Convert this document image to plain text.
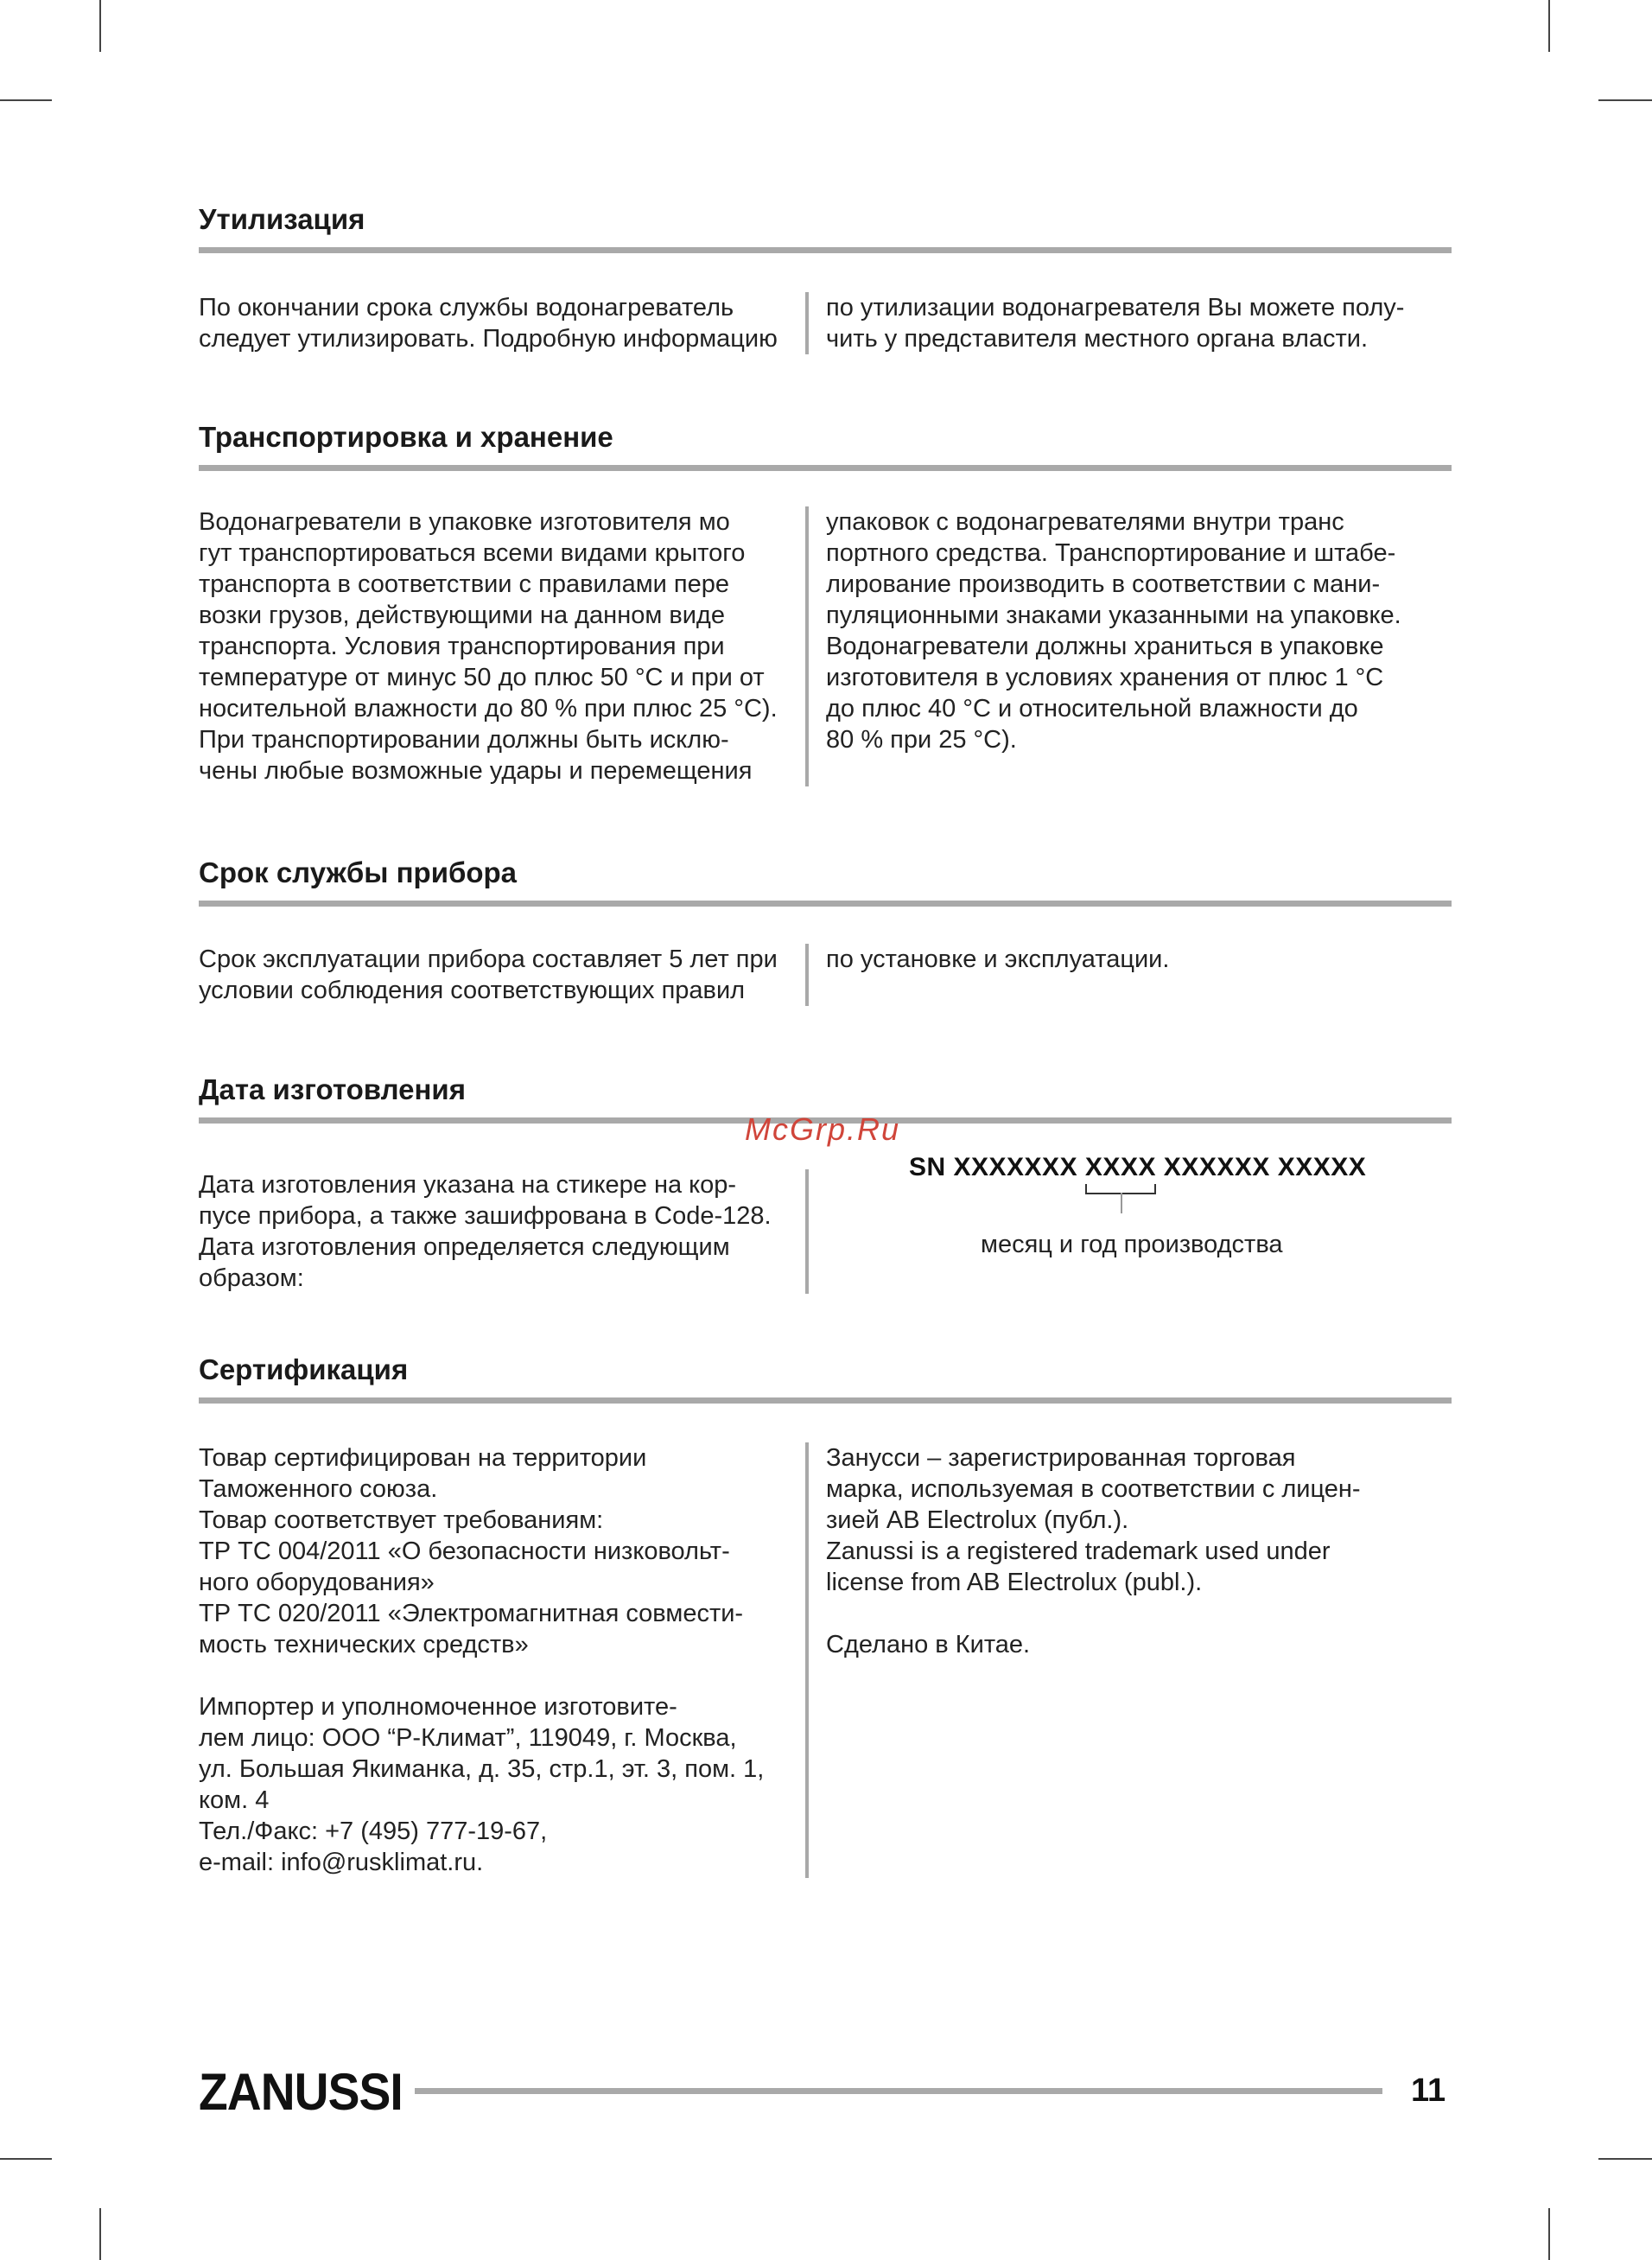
Утилизация
По окончании срока службы водонагреватель
следует утилизировать. Подробную информацию
по утилизации водонагревателя Вы можете полу-
чить у представителя местного органа власти.
Транспортировка и хранение
Водонагреватели в упаковке изготовителя мо
гут транспортироваться всеми видами крытого
транспорта в соответствии с правилами пере
возки грузов, действующими на данном виде
транспорта. Условия транспортирования при
температуре от минус 50 до плюс 50 °С и при от
носительной влажности до 80 % при плюс 25 °С).
При транспортировании должны быть исклю-
чены любые возможные удары и перемещения
упаковок с водонагревателями внутри транс
портного средства. Транспортирование и штабе-
лирование производить в соответствии с мани-
пуляционными знаками указанными на упаковке.
Водонагреватели должны храниться в упаковке
изготовителя в условиях хранения от плюс 1 °С
до плюс 40 °С и относительной влажности до
80 % при 25 °С).
Срок службы прибора
Срок эксплуатации прибора составляет 5 лет при
условии соблюдения соответствующих правил
по установке и эксплуатации.
Дата изготовления
Дата изготовления указана на стикере на кор-
пусе прибора, а также зашифрована в Code-128.
Дата изготовления определяется следующим
образом:
SN XXXXXXX XXXX
XXXXXX XXXXX
месяц и год производства
McGrp.Ru
Сертификация
Товар сертифицирован на территории
Таможенного союза.
Товар соответствует требованиям:
ТР ТС 004/2011 «О безопасности низковольт-
ного оборудования»
ТР ТС 020/2011 «Электромагнитная совмести-
мость технических средств»
Импортер и уполномоченное изготовите-
лем лицо: ООО “Р-Климат”, 119049, г. Москва,
ул. Большая Якиманка, д. 35, стр.1, эт. 3, пом. 1,
ком. 4
Тел./Факс: +7 (495) 777-19-67,
e-mail: info@rusklimat.ru.
Занусси – зарегистрированная торговая
марка, используемая в соответствии с лицен-
зией AB Electrolux (публ.).
Zanussi is a registered trademark used under
license from AB Electrolux (publ.).
Сделано в Китае.
ZANUSSI	11
